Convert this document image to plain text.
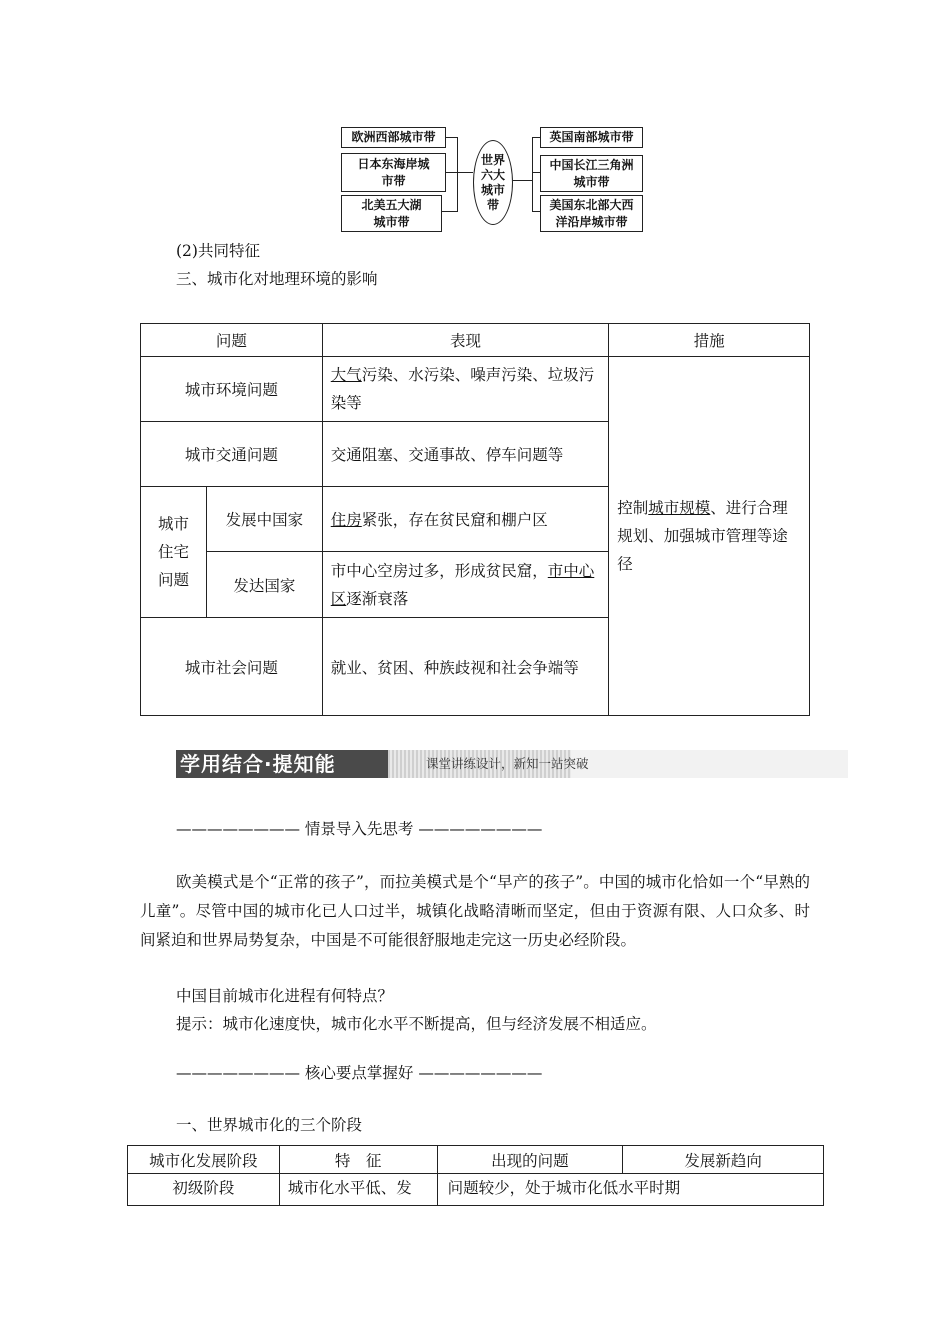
欧洲西部城市带
日本东海岸城市带
北美五大湖城市带
世界六大城市带
英国南部城市带
中国长江三角洲城市带
美国东北部大西洋沿岸城市带
(2)共同特征
三、城市化对地理环境的影响
问题		表现	措施
城市环境问题		大气污染、水污染、噪声污染、垃圾污染等	控制城市规模、进行合理规划、加强城市管理等途径
城市交通问题		交通阻塞、交通事故、停车问题等	
城市住宅问题	发展中国家	住房紧张，存在贫民窟和棚户区	
	发达国家	市中心空房过多，形成贫民窟，市中心区逐渐衰落	
城市社会问题		就业、贫困、种族歧视和社会争端等	
学用结合·提知能	课堂讲练设计，新知一站突破
———————— 情景导入先思考 ————————
欧美模式是个“正常的孩子”，而拉美模式是个“早产的孩子”。中国的城市化恰如一个“早熟的儿童”。尽管中国的城市化已人口过半，城镇化战略清晰而坚定，但由于资源有限、人口众多、时间紧迫和世界局势复杂，中国是不可能很舒服地走完这一历史必经阶段。
中国目前城市化进程有何特点？
提示：城市化速度快，城市化水平不断提高，但与经济发展不相适应。
———————— 核心要点掌握好 ————————
一、世界城市化的三个阶段
城市化发展阶段	特　征	出现的问题	发展新趋向
初级阶段	城市化水平低、发	问题较少，处于城市化低水平时期	
